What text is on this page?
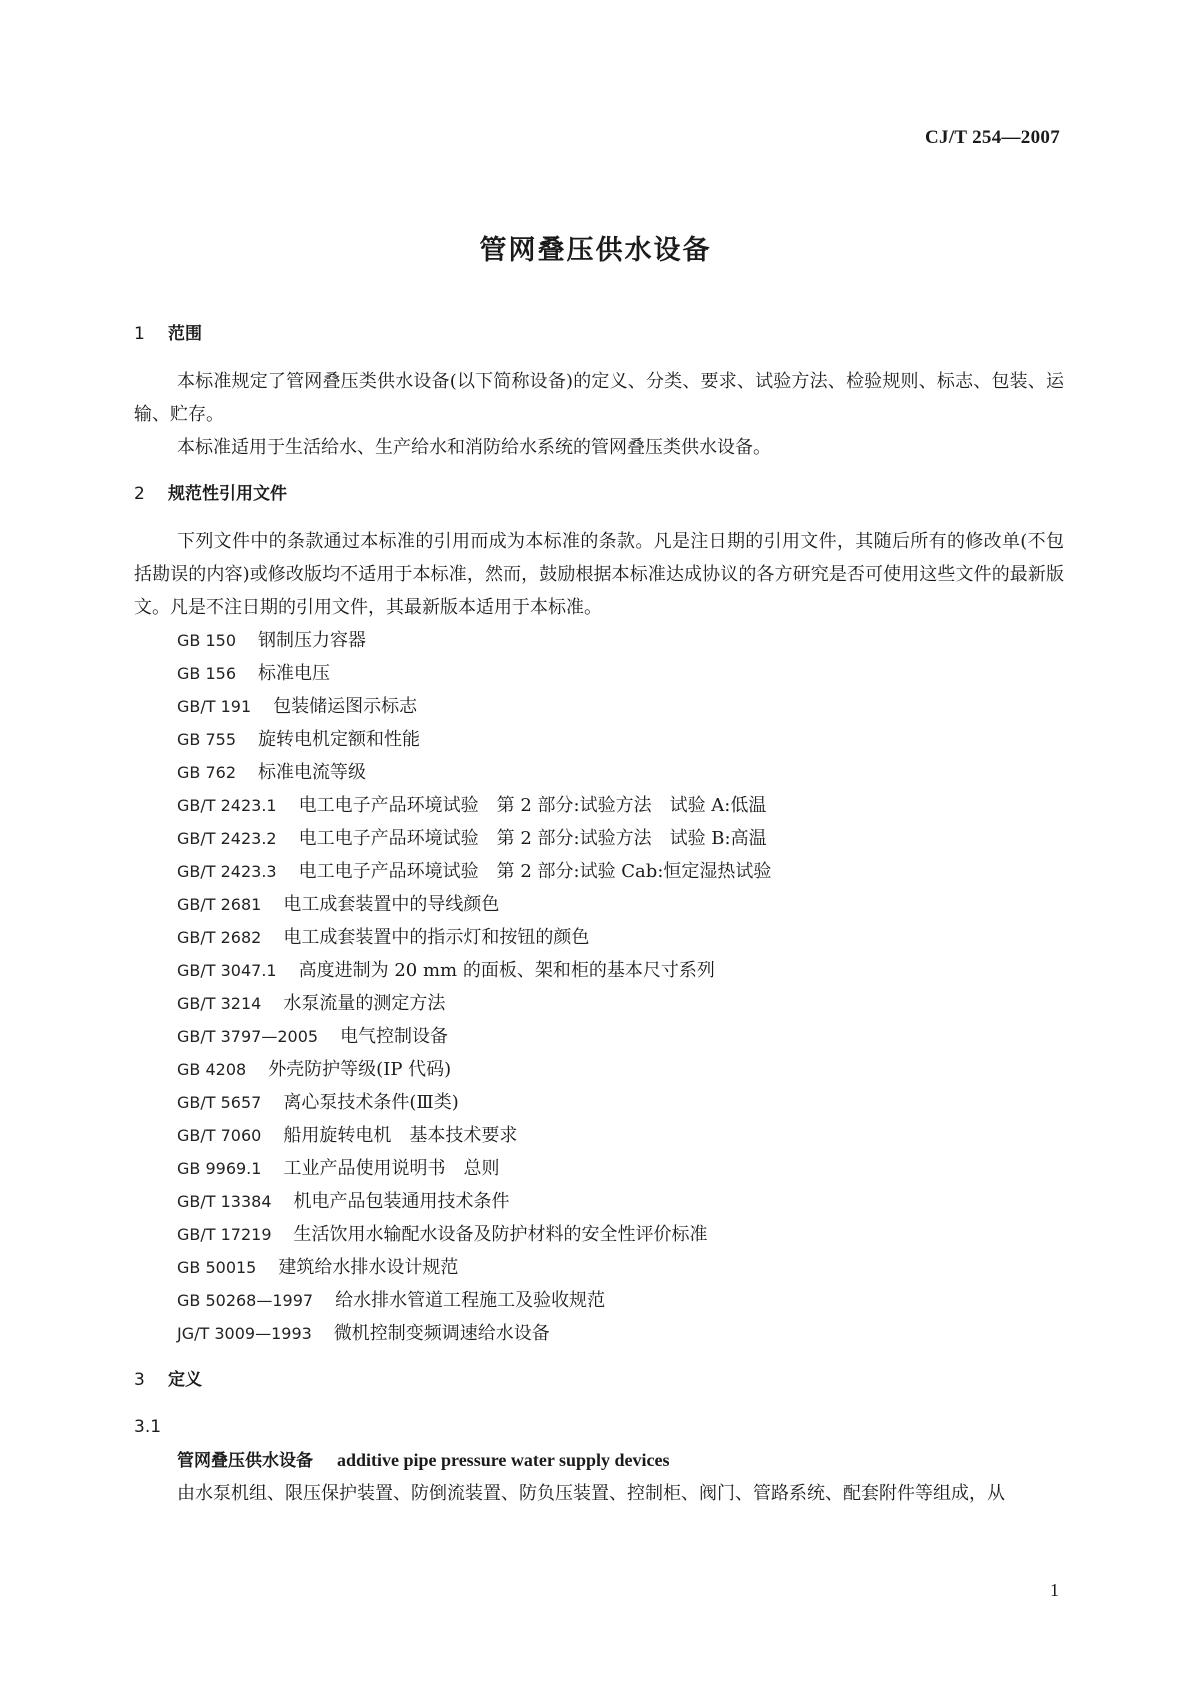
CJ/T 254—2007
管网叠压供水设备
1 范围

本标准规定了管网叠压类供水设备(以下简称设备)的定义、分类、要求、试验方法、检验规则、标志、包装、运输、贮存。

本标准适用于生活给水、生产给水和消防给水系统的管网叠压类供水设备。

2 规范性引用文件

下列文件中的条款通过本标准的引用而成为本标准的条款。凡是注日期的引用文件，其随后所有的修改单(不包括勘误的内容)或修改版均不适用于本标准，然而，鼓励根据本标准达成协议的各方研究是否可使用这些文件的最新版文。凡是不注日期的引用文件，其最新版本适用于本标准。

GB 150 钢制压力容器
GB 156 标准电压
GB/T 191 包装储运图示标志
GB 755 旋转电机定额和性能
GB 762 标准电流等级
GB/T 2423.1 电工电子产品环境试验　第 2 部分:试验方法　试验 A:低温
GB/T 2423.2 电工电子产品环境试验　第 2 部分:试验方法　试验 B:高温
GB/T 2423.3 电工电子产品环境试验　第 2 部分:试验 Cab:恒定湿热试验
GB/T 2681 电工成套装置中的导线颜色
GB/T 2682 电工成套装置中的指示灯和按钮的颜色
GB/T 3047.1 高度进制为 20 mm 的面板、架和柜的基本尺寸系列
GB/T 3214 水泵流量的测定方法
GB/T 3797—2005 电气控制设备
GB 4208 外壳防护等级(IP 代码)
GB/T 5657 离心泵技术条件(Ⅲ类)
GB/T 7060 船用旋转电机　基本技术要求
GB 9969.1 工业产品使用说明书　总则
GB/T 13384 机电产品包装通用技术条件
GB/T 17219 生活饮用水输配水设备及防护材料的安全性评价标准
GB 50015 建筑给水排水设计规范
GB 50268—1997 给水排水管道工程施工及验收规范
JG/T 3009—1993 微机控制变频调速给水设备
3 定义
3.1
管网叠压供水设备 additive pipe pressure water supply devices
由水泵机组、限压保护装置、防倒流装置、防负压装置、控制柜、阀门、管路系统、配套附件等组成，从
1
